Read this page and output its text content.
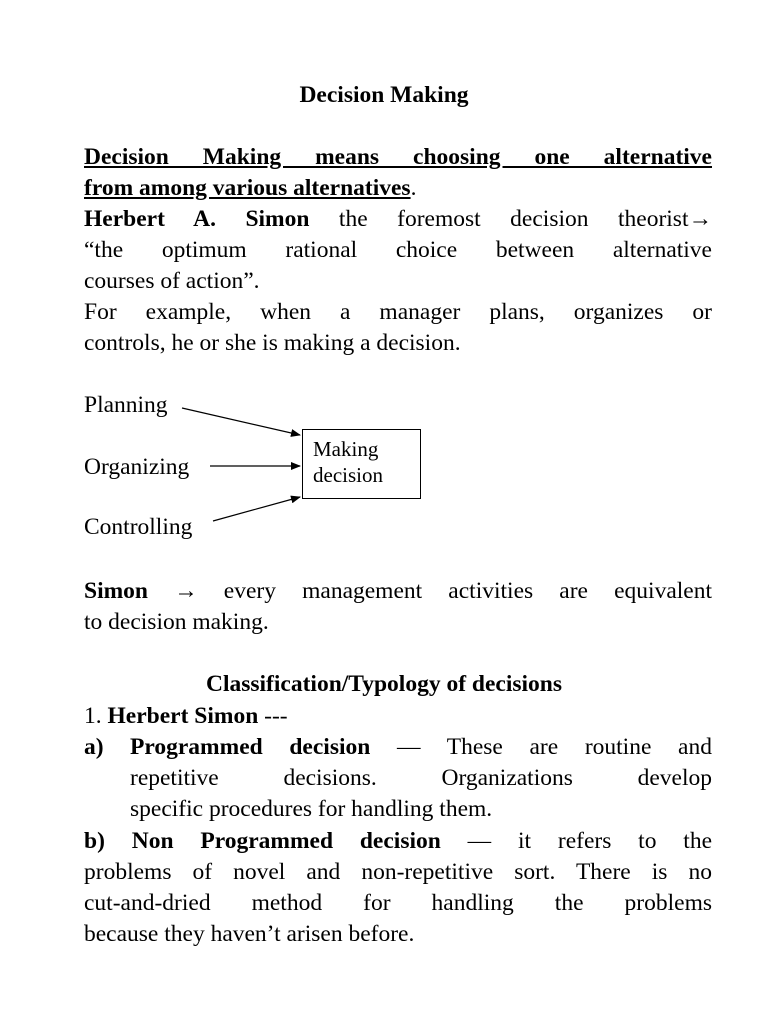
Decision Making
Decision Making means choosing one alternative
from among various alternatives.
Herbert A. Simon the foremost decision theorist→
“the optimum rational choice between alternative
courses of action”.
For example, when a manager plans, organizes or
controls, he or she is making a decision.
Planning
Organizing
Controlling
Making
decision
Simon → every management activities are equivalent
to decision making.
Classification/Typology of decisions
1. Herbert Simon ---
a) Programmed decision — These are routine and
repetitive decisions. Organizations develop
specific procedures for handling them.
b) Non Programmed decision — it refers to the
problems of novel and non-repetitive sort. There is no
cut-and-dried method for handling the problems
because they haven’t arisen before.
